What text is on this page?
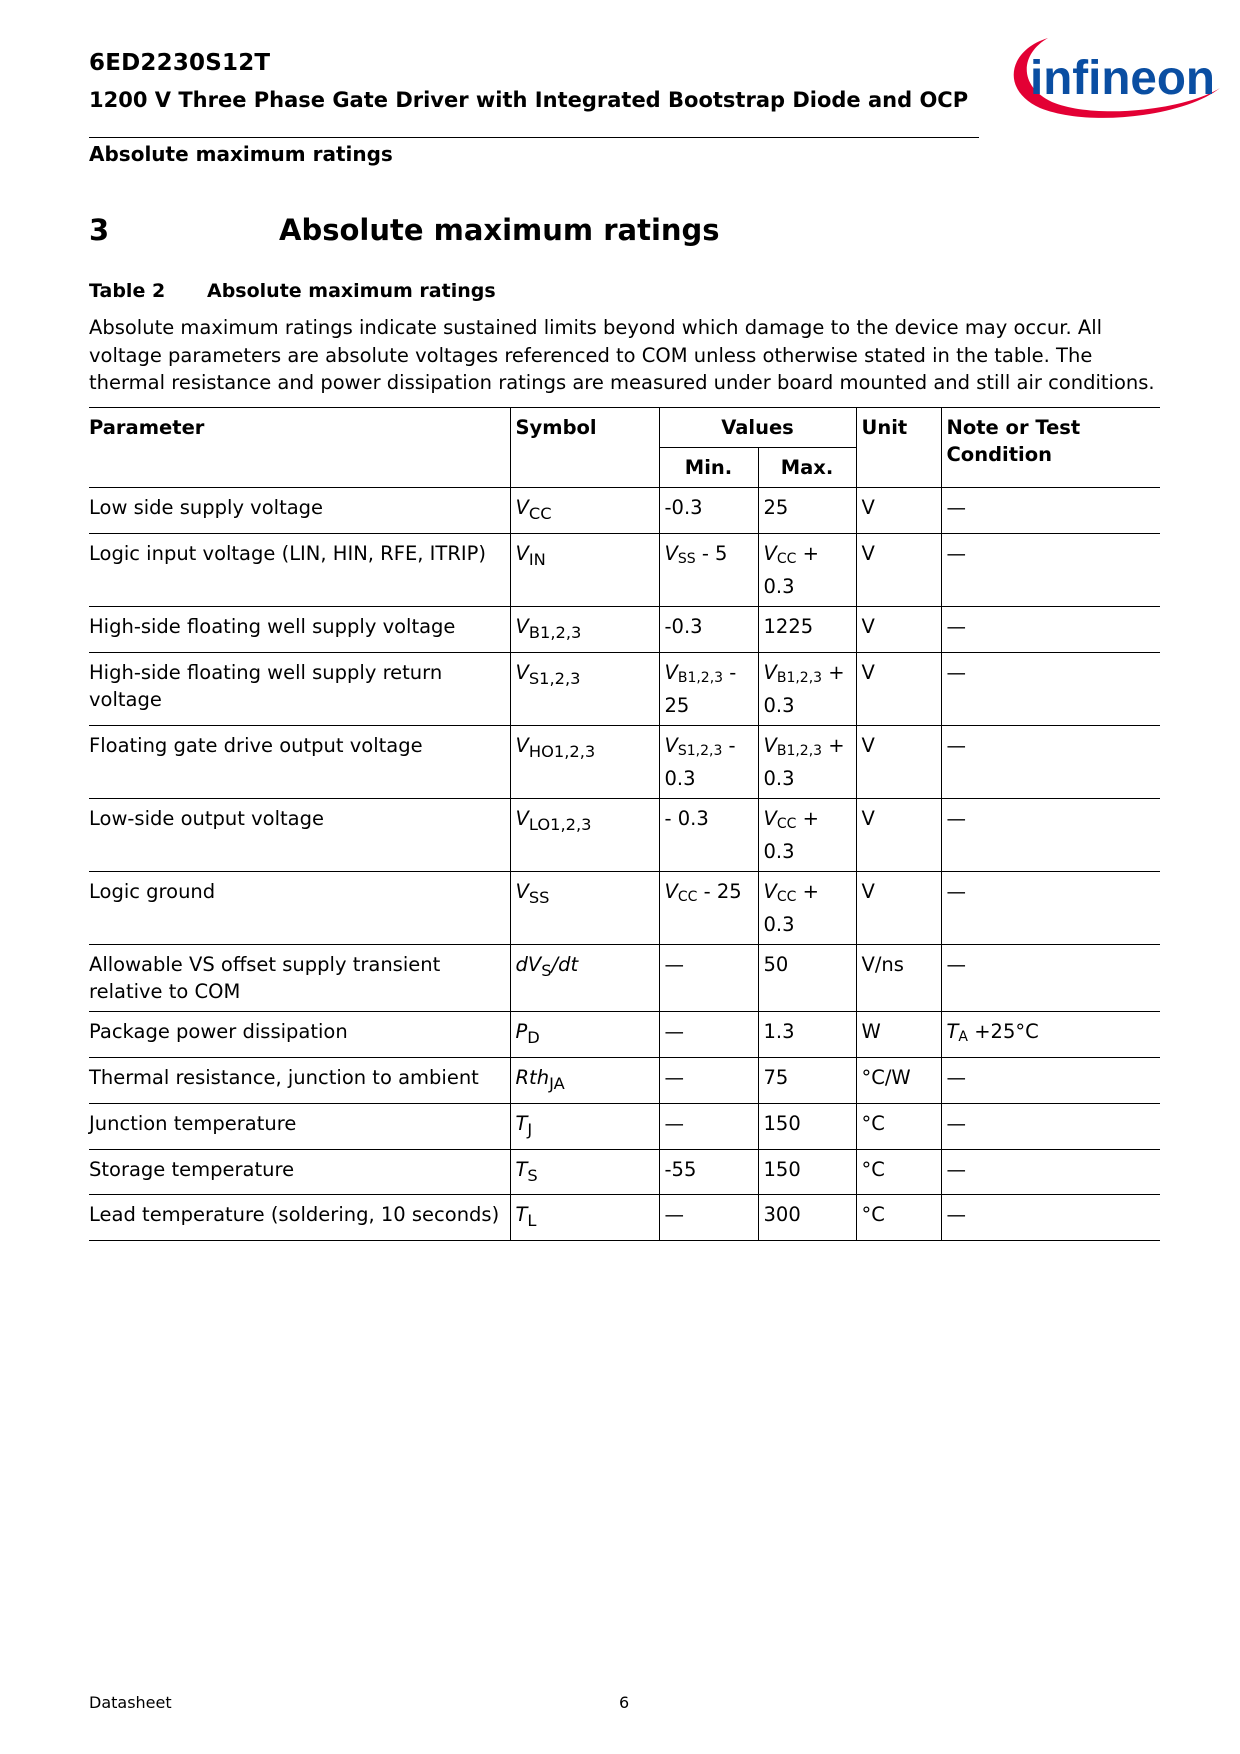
6ED2230S12T
1200 V Three Phase Gate Driver with Integrated Bootstrap Diode and OCP infineon
Absolute maximum ratings
3	Absolute maximum ratings
Table 2 Absolute maximum ratings
Absolute maximum ratings indicate sustained limits beyond which damage to the device may occur. All voltage parameters are absolute voltages referenced to COM unless otherwise stated in the table. The thermal resistance and power dissipation ratings are measured under board mounted and still air conditions.
Parameter	Symbol	Values		Unit	Note or Test Condition
		Min.	Max.		
Low side supply voltage	$V_{CC}$	-0.3	25	V	—
Logic input voltage (LIN, HIN, RFE, ITRIP)	$V_{IN}$	$V_{SS} - 5$	$V_{CC} + 0.3$	V	—
High-side floating well supply voltage	$V_{B1,2,3}$	-0.3	1225	V	—
High-side floating well supply return voltage	$V_{S1,2,3}$	$V_{B1,2,3} - 25$	$V_{B1,2,3} + 0.3$	V	—
Floating gate drive output voltage	$V_{HO1,2,3}$	$V_{S1,2,3} - 0.3$	$V_{B1,2,3} + 0.3$	V	—
Low-side output voltage	$V_{LO1,2,3}$	- 0.3	$V_{CC} + 0.3$	V	—
Logic ground	$V_{SS}$	$V_{CC} - 25$	$V_{CC} + 0.3$	V	—
Allowable VS offset supply transient relative to COM	$dV_S/dt$	—	50	V/ns	—
Package power dissipation	$P_D$	—	1.3	W	$T_A +25^\circ C$
Thermal resistance, junction to ambient	Rth$_{JA}$	—	75	°C/W	—
Junction temperature	$T_J$	—	150	°C	—
Storage temperature	$T_S$	-55	150	°C	—
Lead temperature (soldering, 10 seconds)	$T_L$	—	300	°C	—
Datasheet	6
